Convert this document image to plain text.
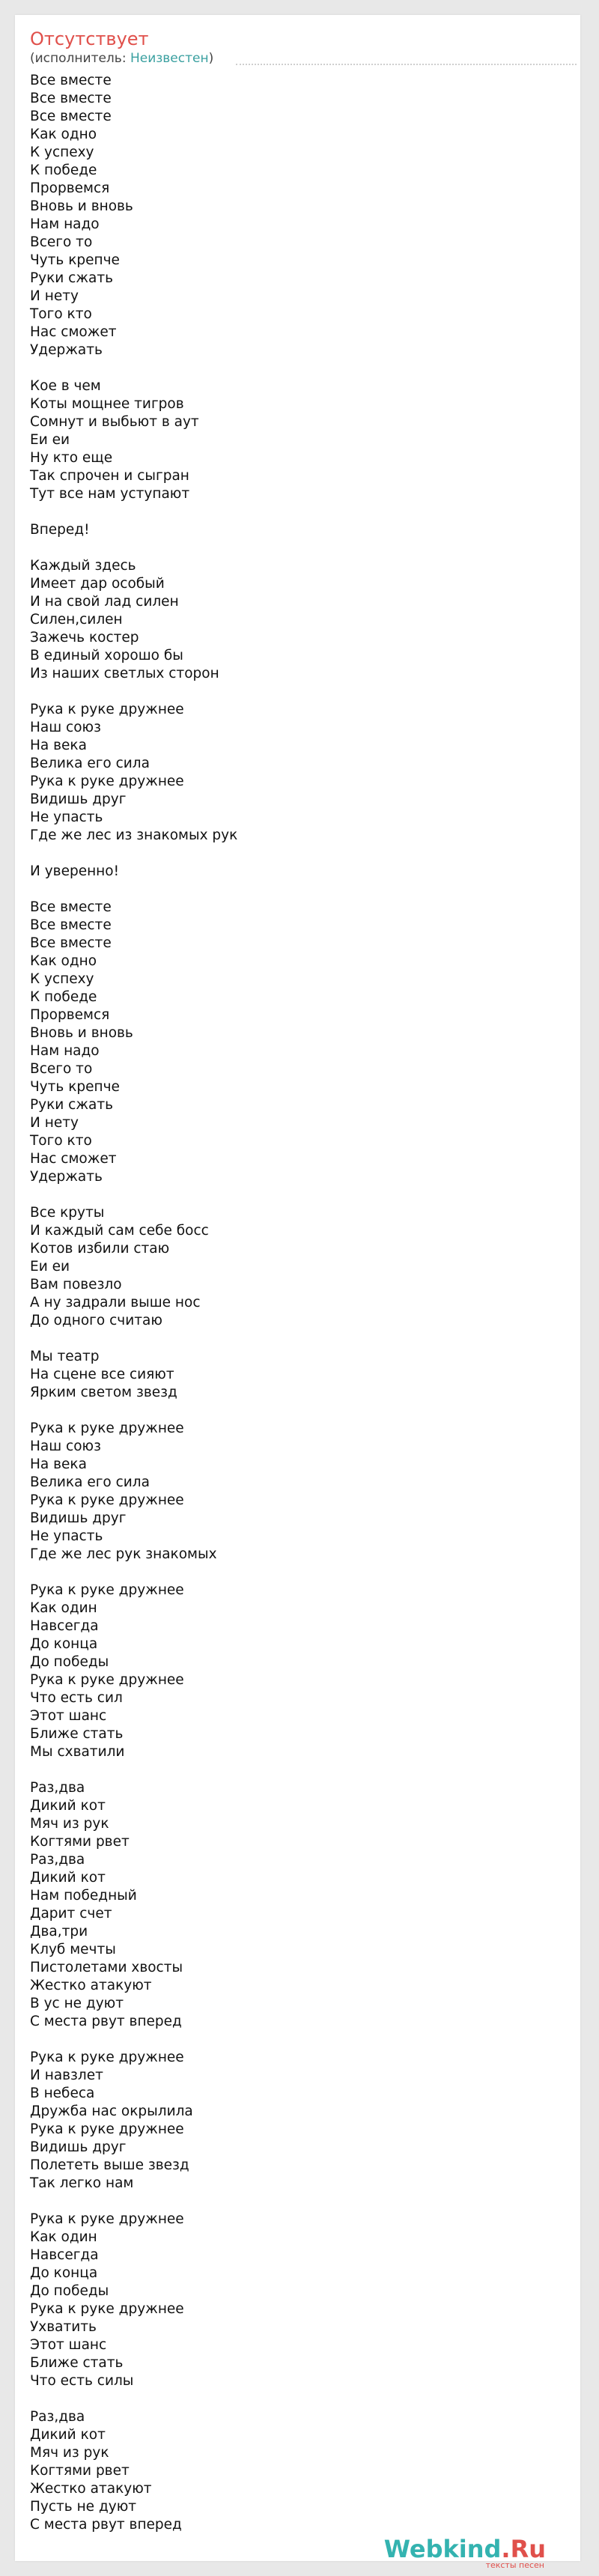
Отсутствует
(исполнитель: Неизвестен)
Все вместе
Все вместе
Все вместе
Как одно
К успеху
К победе
Прорвемся
Вновь и вновь
Нам надо
Всего то
Чуть крепче
Руки сжать
И нету
Того кто
Нас сможет
Удержать
Кое в чем
Коты мощнее тигров
Сомнут и выбьют в аут
Еи еи
Ну кто еще
Так спрочен и сыгран
Тут все нам уступают
Вперед!
Каждый здесь
Имеет дар особый
И на свой лад силен
Силен,силен
Зажечь костер
В единый хорошо бы
Из наших светлых сторон
Рука к руке дружнее
Наш союз
На века
Велика его сила
Рука к руке дружнее
Видишь друг
Не упасть
Где же лес из знакомых рук
И уверенно!
Все вместе
Все вместе
Все вместе
Как одно
К успеху
К победе
Прорвемся
Вновь и вновь
Нам надо
Всего то
Чуть крепче
Руки сжать
И нету
Того кто
Нас сможет
Удержать
Все круты
И каждый сам себе босс
Котов избили стаю
Еи еи
Вам повезло
А ну задрали выше нос
До одного считаю
Мы театр
На сцене все сияют
Ярким светом звезд
Рука к руке дружнее
Наш союз
На века
Велика его сила
Рука к руке дружнее
Видишь друг
Не упасть
Где же лес рук знакомых
Рука к руке дружнее
Как один
Навсегда
До конца
До победы
Рука к руке дружнее
Что есть сил
Этот шанс
Ближе стать
Мы схватили
Раз,два
Дикий кот
Мяч из рук
Когтями рвет
Раз,два
Дикий кот
Нам победный
Дарит счет
Два,три
Клуб мечты
Пистолетами хвосты
Жестко атакуют
В ус не дуют
С места рвут вперед
Рука к руке дружнее
И навзлет
В небеса
Дружба нас окрылила
Рука к руке дружнее
Видишь друг
Полететь выше звезд
Так легко нам
Рука к руке дружнее
Как один
Навсегда
До конца
До победы
Рука к руке дружнее
Ухватить
Этот шанс
Ближе стать
Что есть силы
Раз,два
Дикий кот
Мяч из рук
Когтями рвет
Жестко атакуют
Пусть не дуют
С места рвут вперед
Webkind.Ru
тексты песен
